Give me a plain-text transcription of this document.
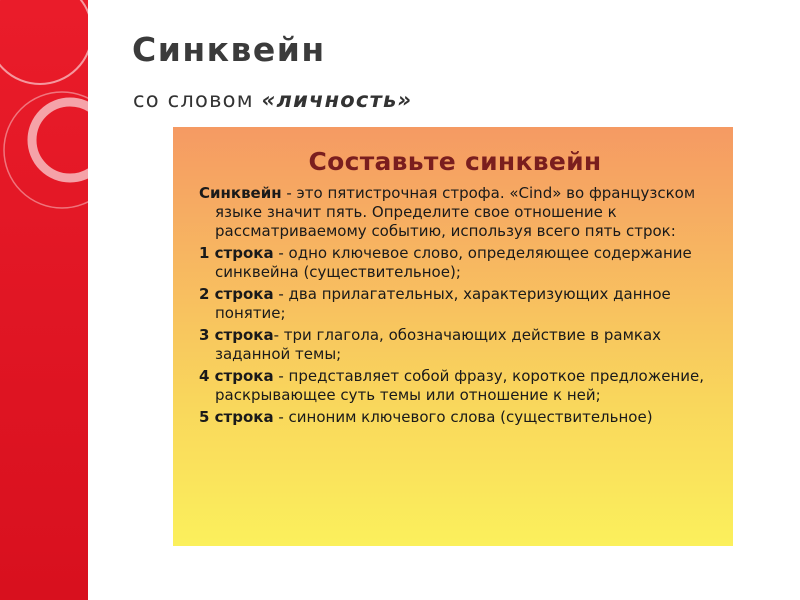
Синквейн

со словом «личность»

Составьте синквейн

Синквейн - это пятистрочная строфа. «Cind» во французском языке значит пять. Определите свое отношение к рассматриваемому событию, используя всего пять строк:

1 строка - одно ключевое слово, определяющее содержание синквейна (существительное);

2 строка - два прилагательных, характеризующих данное понятие;

3 строка- три глагола, обозначающих действие в рамках заданной темы;

4 строка - представляет собой фразу, короткое предложение, раскрывающее суть темы или отношение к ней;

5 строка - синоним ключевого слова (существительное)
